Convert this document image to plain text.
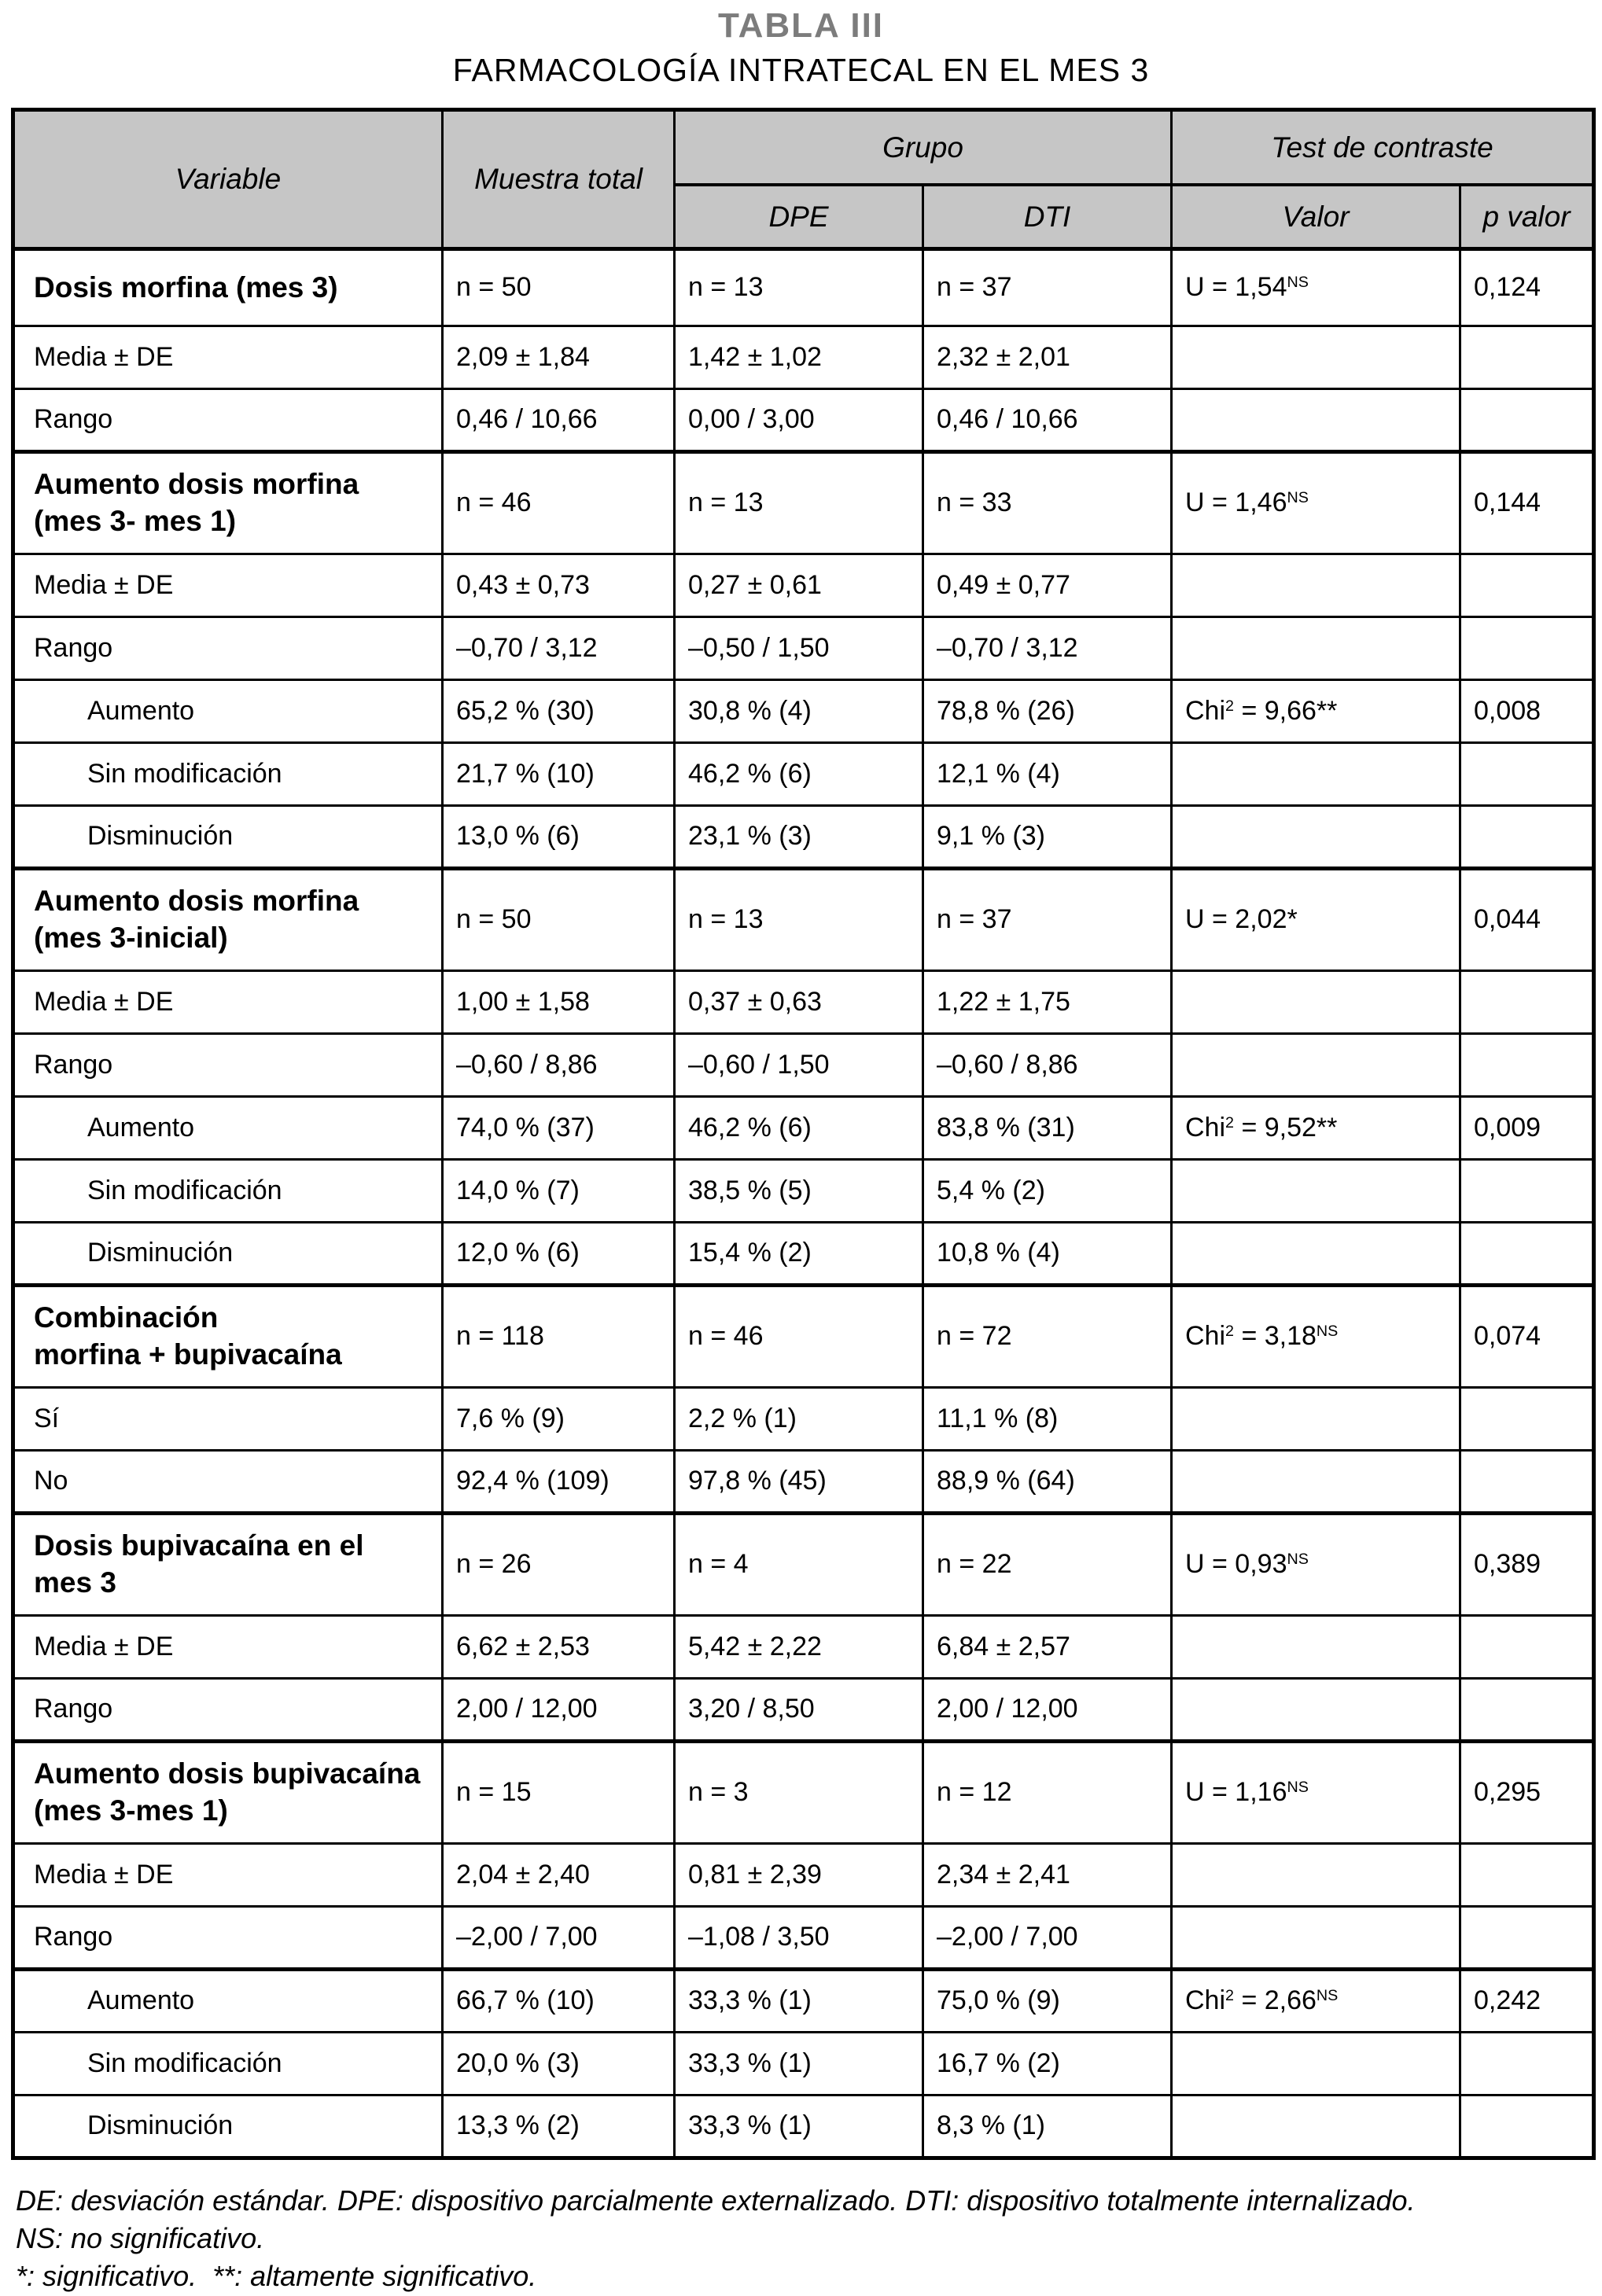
TABLA III
FARMACOLOGÍA INTRATECAL EN EL MES 3
Variable	Muestra total	Grupo		Test de contraste	
		DPE	DTI	Valor	p valor
Dosis morfina (mes 3)	n = 50	n = 13	n = 37	$U = 1,54^{NS}$	0,124
Media ± DE	2,09 ± 1,84	1,42 ± 1,02	2,32 ± 2,01		
Rango	0,46 / 10,66	0,00 / 3,00	0,46 / 10,66		
Aumento dosis morfina
(mes 3- mes 1)	n = 46	n = 13	n = 33	$U = 1,46^{NS}$	0,144
Media ± DE	0,43 ± 0,73	0,27 ± 0,61	0,49 ± 0,77		
Rango	–0,70 / 3,12	–0,50 / 1,50	–0,70 / 3,12		
Aumento	65,2 % (30)	30,8 % (4)	78,8 % (26)	Chi$^2$ = 9,66**	0,008
Sin modificación	21,7 % (10)	46,2 % (6)	12,1 % (4)		
Disminución	13,0 % (6)	23,1 % (3)	9,1 % (3)		
Aumento dosis morfina
(mes 3-inicial)	n = 50	n = 13	n = 37	U = 2,02*	0,044
Media ± DE	1,00 ± 1,58	0,37 ± 0,63	1,22 ± 1,75		
Rango	–0,60 / 8,86	–0,60 / 1,50	–0,60 / 8,86		
Aumento	74,0 % (37)	46,2 % (6)	83,8 % (31)	Chi$^2$ = 9,52**	0,009
Sin modificación	14,0 % (7)	38,5 % (5)	5,4 % (2)		
Disminución	12,0 % (6)	15,4 % (2)	10,8 % (4)		
Combinación
morfina + bupivacaína	n = 118	n = 46	n = 72	$Chi^2 = 3,18^{NS}$	0,074
Sí	7,6 % (9)	2,2 % (1)	11,1 % (8)		
No	92,4 % (109)	97,8 % (45)	88,9 % (64)		
Dosis bupivacaína en el
mes 3	n = 26	n = 4	n = 22	$U = 0,93^{NS}$	0,389
Media ± DE	6,62 ± 2,53	5,42 ± 2,22	6,84 ± 2,57		
Rango	2,00 / 12,00	3,20 / 8,50	2,00 / 12,00		
Aumento dosis bupivacaína
(mes 3-mes 1)	n = 15	n = 3	n = 12	$U = 1,16^{NS}$	0,295
Media ± DE	2,04 ± 2,40	0,81 ± 2,39	2,34 ± 2,41		
Rango	–2,00 / 7,00	–1,08 / 3,50	–2,00 / 7,00		
Aumento	66,7 % (10)	33,3 % (1)	75,0 % (9)	$Chi^2 = 2,66^{NS}$	0,242
Sin modificación	20,0 % (3)	33,3 % (1)	16,7 % (2)		
Disminución	13,3 % (2)	33,3 % (1)	8,3 % (1)		
DE: desviación estándar. DPE: dispositivo parcialmente externalizado. DTI: dispositivo totalmente internalizado.
NS: no significativo.
*: significativo.  **: altamente significativo.
